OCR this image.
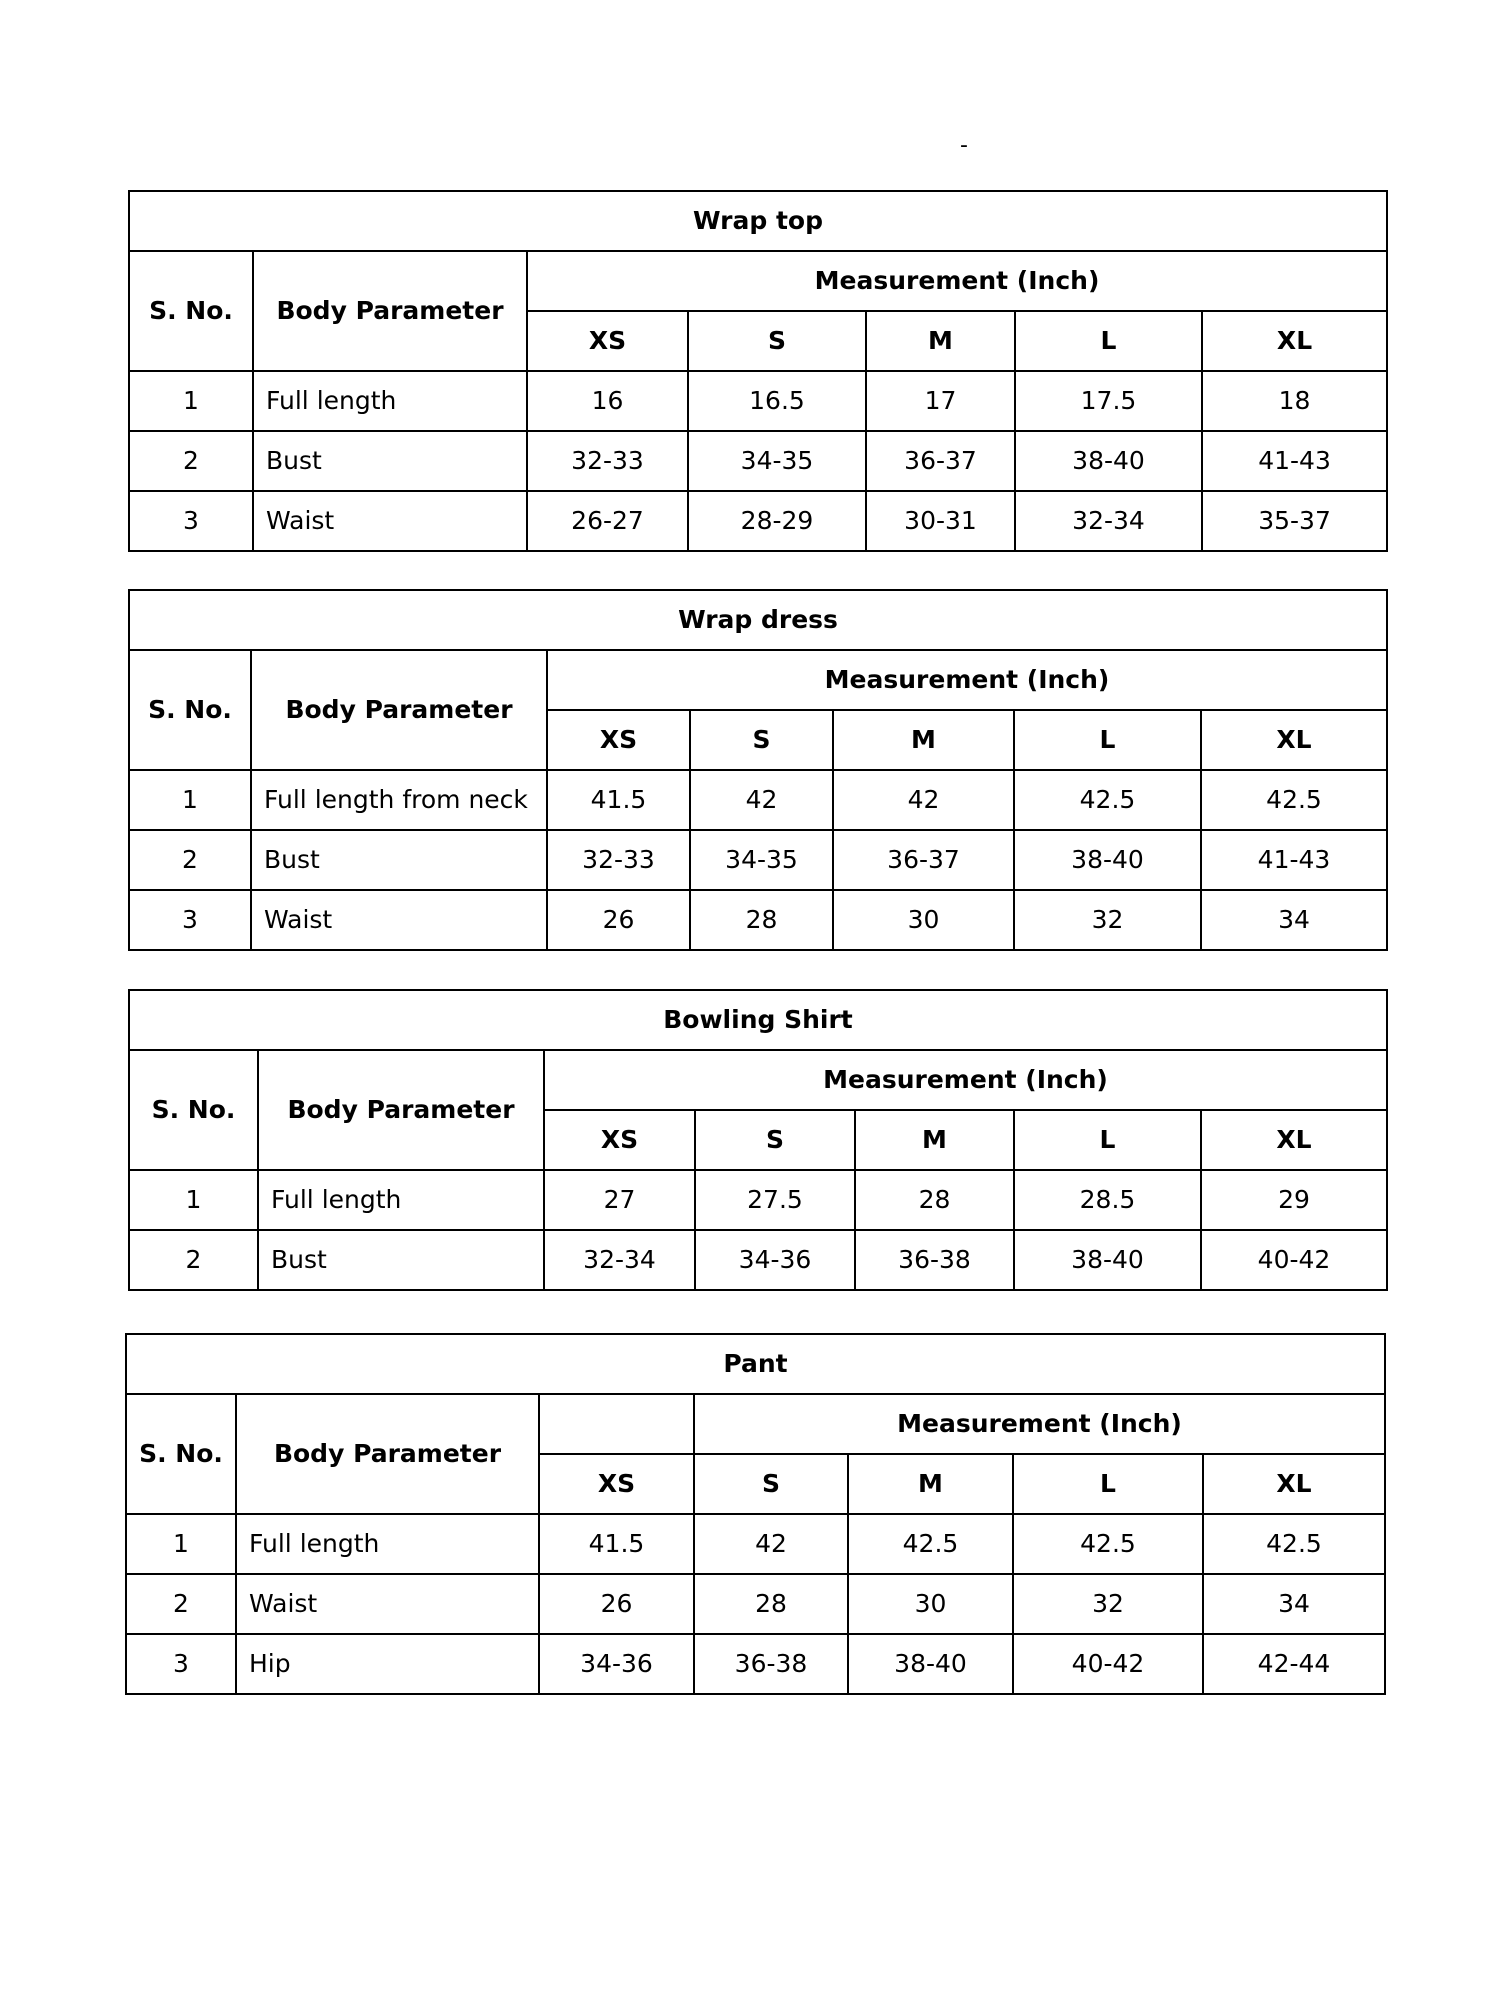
-
Wrap top						
S. No.	Body Parameter	Measurement (Inch)				
		XS	S	M	L	XL
1	Full length	16	16.5	17	17.5	18
2	Bust	32-33	34-35	36-37	38-40	41-43
3	Waist	26-27	28-29	30-31	32-34	35-37
Wrap dress						
S. No.	Body Parameter	Measurement (Inch)				
		XS	S	M	L	XL
1	Full length from neck	41.5	42	42	42.5	42.5
2	Bust	32-33	34-35	36-37	38-40	41-43
3	Waist	26	28	30	32	34
Bowling Shirt						
S. No.	Body Parameter	Measurement (Inch)				
		XS	S	M	L	XL
1	Full length	27	27.5	28	28.5	29
2	Bust	32-34	34-36	36-38	38-40	40-42
Pant						
S. No.	Body Parameter		Measurement (Inch)			
		XS	S	M	L	XL
1	Full length	41.5	42	42.5	42.5	42.5
2	Waist	26	28	30	32	34
3	Hip	34-36	36-38	38-40	40-42	42-44
